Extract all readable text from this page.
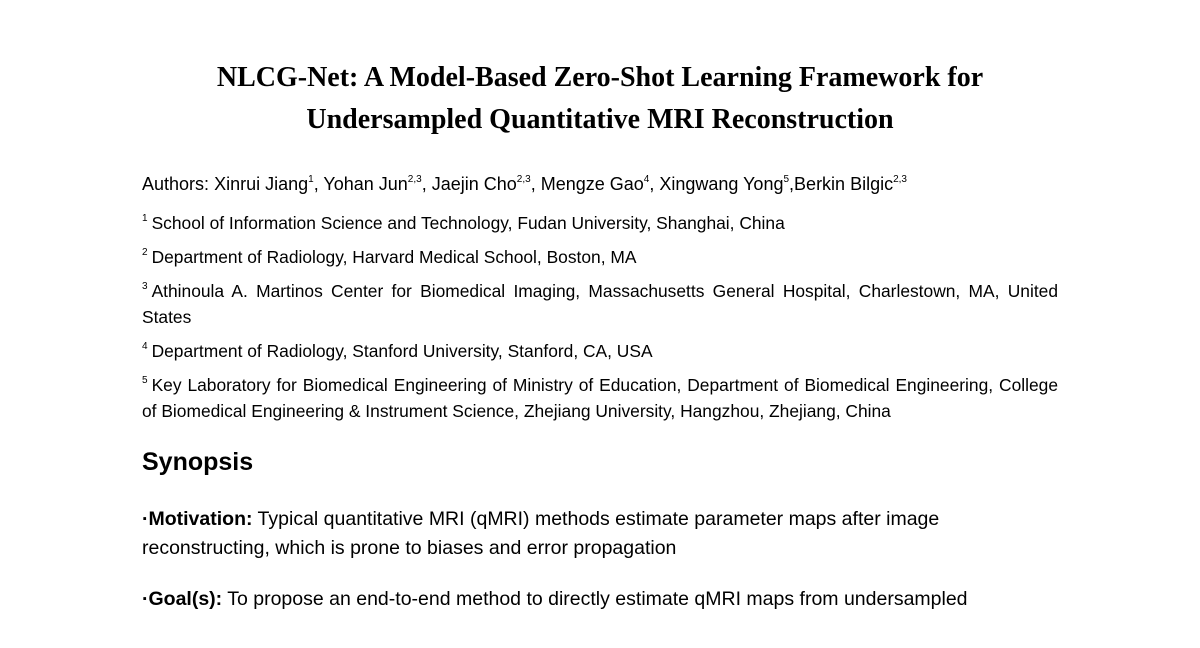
NLCG-Net: A Model-Based Zero-Shot Learning Framework for
Undersampled Quantitative MRI Reconstruction

Authors: Xinrui Jiang$^1$, Yohan Jun$^{2,3}$, Jaejin Cho$^{2,3}$, Mengze Gao$^4$, Xingwang Yong$^5$,Berkin Bilgic$^{2,3}$

$^1$ School of Information Science and Technology, Fudan University, Shanghai, China

$^2$ Department of Radiology, Harvard Medical School, Boston, MA

$^3$ Athinoula A. Martinos Center for Biomedical Imaging, Massachusetts General Hospital, Charlestown, MA, United States

$^4$ Department of Radiology, Stanford University, Stanford, CA, USA

$^5$ Key Laboratory for Biomedical Engineering of Ministry of Education, Department of Biomedical Engineering, College of Biomedical Engineering & Instrument Science, Zhejiang University, Hangzhou, Zhejiang, China

Synopsis

·Motivation: Typical quantitative MRI (qMRI) methods estimate parameter maps after image reconstructing, which is prone to biases and error propagation

·Goal(s): To propose an end-to-end method to directly estimate qMRI maps from undersampled
